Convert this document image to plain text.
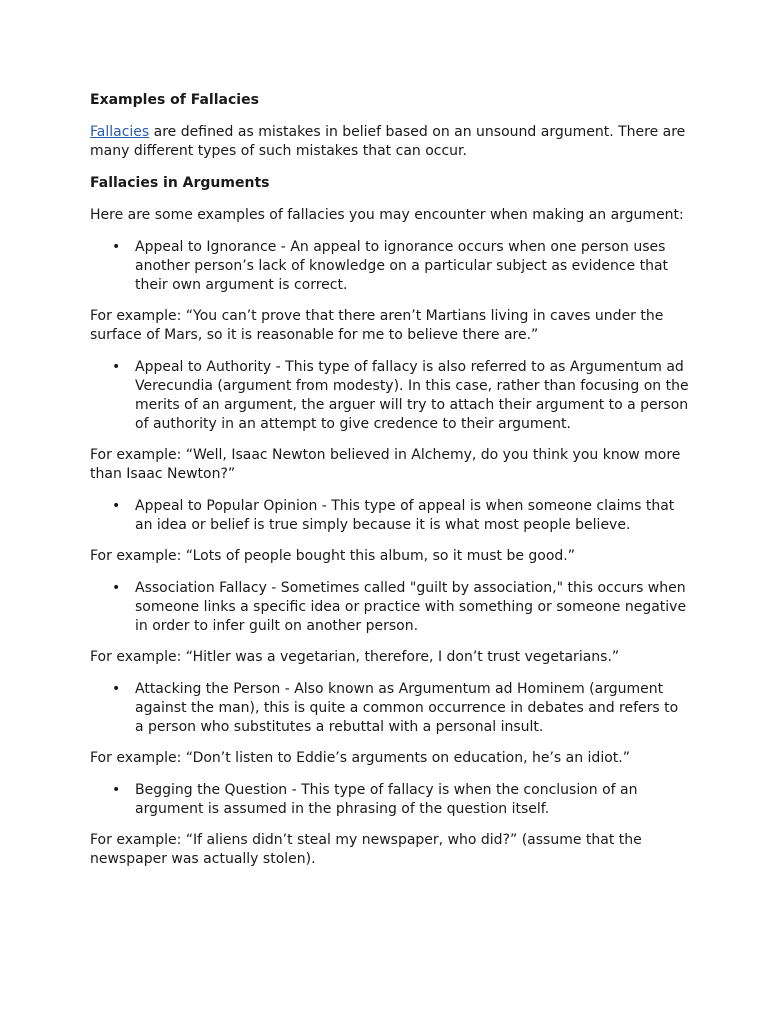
Examples of Fallacies

Fallacies are defined as mistakes in belief based on an unsound argument. There are many different types of such mistakes that can occur.

Fallacies in Arguments

Here are some examples of fallacies you may encounter when making an argument:

• Appeal to Ignorance - An appeal to ignorance occurs when one person uses another person’s lack of knowledge on a particular subject as evidence that their own argument is correct.

For example: “You can’t prove that there aren’t Martians living in caves under the surface of Mars, so it is reasonable for me to believe there are.”

• Appeal to Authority - This type of fallacy is also referred to as Argumentum ad Verecundia (argument from modesty). In this case, rather than focusing on the merits of an argument, the arguer will try to attach their argument to a person of authority in an attempt to give credence to their argument.

For example: “Well, Isaac Newton believed in Alchemy, do you think you know more than Isaac Newton?”

• Appeal to Popular Opinion - This type of appeal is when someone claims that an idea or belief is true simply because it is what most people believe.

For example: “Lots of people bought this album, so it must be good.”

• Association Fallacy - Sometimes called "guilt by association," this occurs when someone links a specific idea or practice with something or someone negative in order to infer guilt on another person.

For example: “Hitler was a vegetarian, therefore, I don’t trust vegetarians.”

• Attacking the Person - Also known as Argumentum ad Hominem (argument against the man), this is quite a common occurrence in debates and refers to a person who substitutes a rebuttal with a personal insult.

For example: “Don’t listen to Eddie’s arguments on education, he’s an idiot.”

• Begging the Question - This type of fallacy is when the conclusion of an argument is assumed in the phrasing of the question itself.

For example: “If aliens didn’t steal my newspaper, who did?” (assume that the newspaper was actually stolen).
